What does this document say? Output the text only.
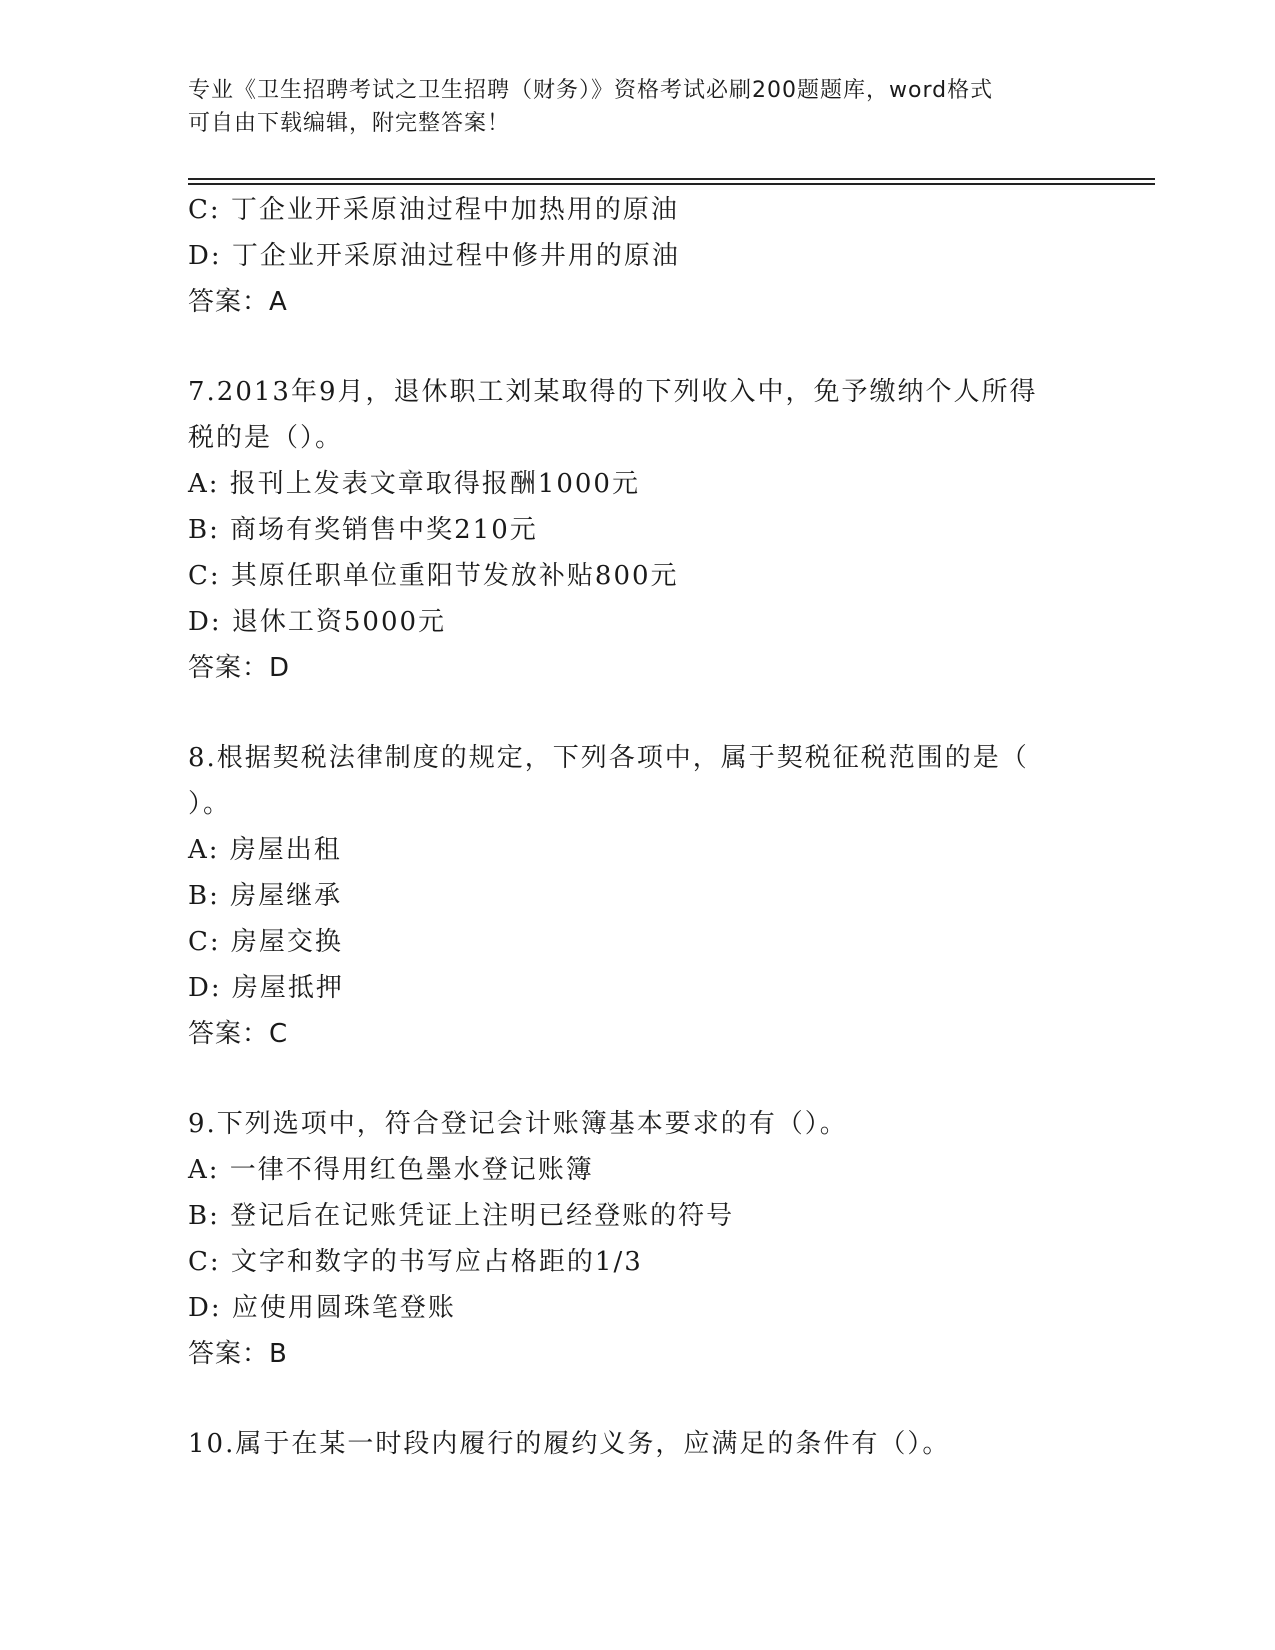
专业《卫生招聘考试之卫生招聘（财务）》资格考试必刷200题题库，word格式
可自由下载编辑，附完整答案！
C: 丁企业开采原油过程中加热用的原油
D: 丁企业开采原油过程中修井用的原油
答案：A
7.2013年9月，退休职工刘某取得的下列收入中，免予缴纳个人所得
税的是（）。
A: 报刊上发表文章取得报酬1000元
B: 商场有奖销售中奖210元
C: 其原任职单位重阳节发放补贴800元
D: 退休工资5000元
答案：D
8.根据契税法律制度的规定，下列各项中，属于契税征税范围的是（
）。
A: 房屋出租
B: 房屋继承
C: 房屋交换
D: 房屋抵押
答案：C
9.下列选项中，符合登记会计账簿基本要求的有（）。
A: 一律不得用红色墨水登记账簿
B: 登记后在记账凭证上注明已经登账的符号
C: 文字和数字的书写应占格距的1/3
D: 应使用圆珠笔登账
答案：B
10.属于在某一时段内履行的履约义务，应满足的条件有（）。
